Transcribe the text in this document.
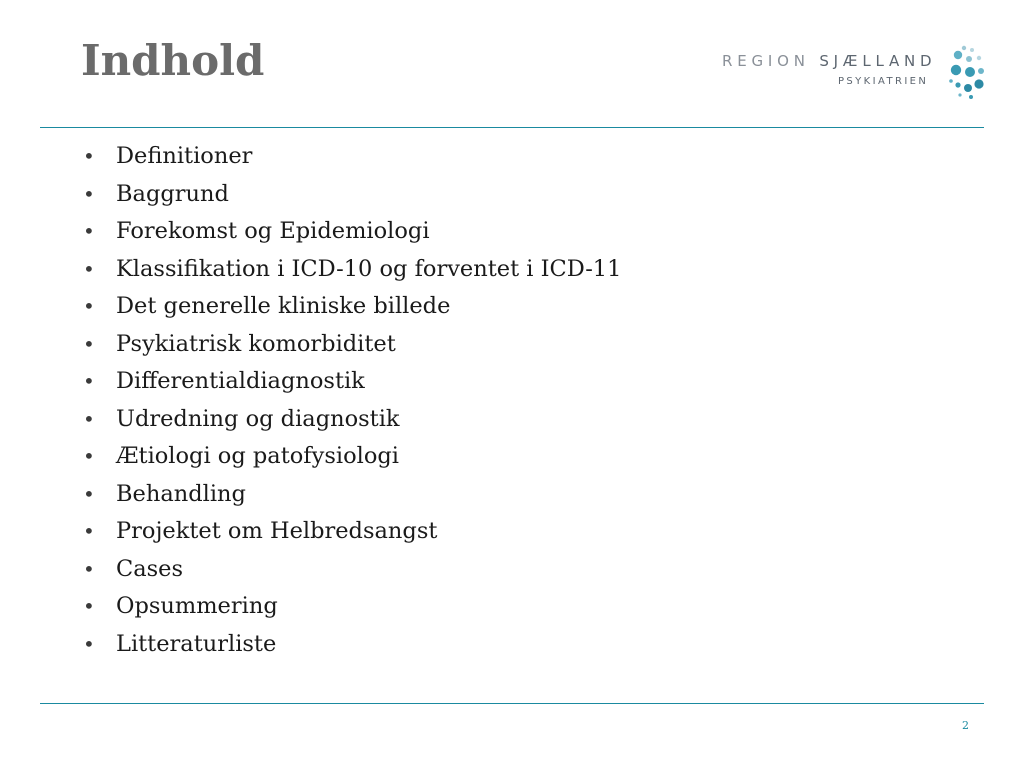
Indhold	REGION SJÆLLAND
PSYKIATRIEN
• Definitioner
• Baggrund
• Forekomst og Epidemiologi
• Klassifikation i ICD-10 og forventet i ICD-11
• Det generelle kliniske billede
• Psykiatrisk komorbiditet
• Differentialdiagnostik
• Udredning og diagnostik
• Ætiologi og patofysiologi
• Behandling
• Projektet om Helbredsangst
• Cases
• Opsummering
• Litteraturliste
2
